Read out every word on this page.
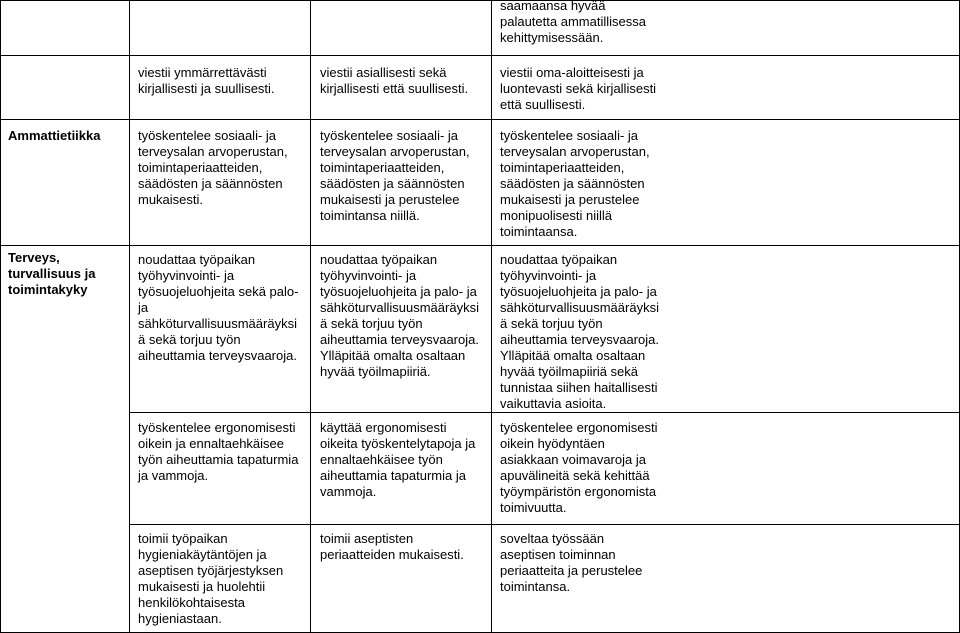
saamaansa hyvää
palautetta ammatillisessa
kehittymisessään.
viestii ymmärrettävästi
kirjallisesti ja suullisesti.
viestii asiallisesti sekä
kirjallisesti että suullisesti.
viestii oma-aloitteisesti ja
luontevasti sekä kirjallisesti
että suullisesti.
Ammattietiikka	työskentelee sosiaali- ja
terveysalan arvoperustan,
toimintaperiaatteiden,
säädösten ja säännösten
mukaisesti.
työskentelee sosiaali- ja
terveysalan arvoperustan,
toimintaperiaatteiden,
säädösten ja säännösten
mukaisesti ja perustelee
toimintansa niillä.
työskentelee sosiaali- ja
terveysalan arvoperustan,
toimintaperiaatteiden,
säädösten ja säännösten
mukaisesti ja perustelee
monipuolisesti niillä
toimintaansa.
Terveys,
turvallisuus ja
toimintakyky
noudattaa työpaikan
työhyvinvointi- ja
työsuojeluohjeita sekä palo-
ja
sähköturvallisuusmääräyksi
ä sekä torjuu työn
aiheuttamia terveysvaaroja.
noudattaa työpaikan
työhyvinvointi- ja
työsuojeluohjeita ja palo- ja
sähköturvallisuusmääräyksi
ä sekä torjuu työn
aiheuttamia terveysvaaroja.
Ylläpitää omalta osaltaan
hyvää työilmapiiriä.
noudattaa työpaikan
työhyvinvointi- ja
työsuojeluohjeita ja palo- ja
sähköturvallisuusmääräyksi
ä sekä torjuu työn
aiheuttamia terveysvaaroja.
Ylläpitää omalta osaltaan
hyvää työilmapiiriä sekä
tunnistaa siihen haitallisesti
vaikuttavia asioita.
työskentelee ergonomisesti
oikein ja ennaltaehkäisee
työn aiheuttamia tapaturmia
ja vammoja.
käyttää ergonomisesti
oikeita työskentelytapoja ja
ennaltaehkäisee työn
aiheuttamia tapaturmia ja
vammoja.
työskentelee ergonomisesti
oikein hyödyntäen
asiakkaan voimavaroja ja
apuvälineitä sekä kehittää
työympäristön ergonomista
toimivuutta.
toimii työpaikan
hygieniakäytäntöjen ja
aseptisen työjärjestyksen
mukaisesti ja huolehtii
henkilökohtaisesta
hygieniastaan.
toimii aseptisten
periaatteiden mukaisesti.
soveltaa työssään
aseptisen toiminnan
periaatteita ja perustelee
toimintansa.
